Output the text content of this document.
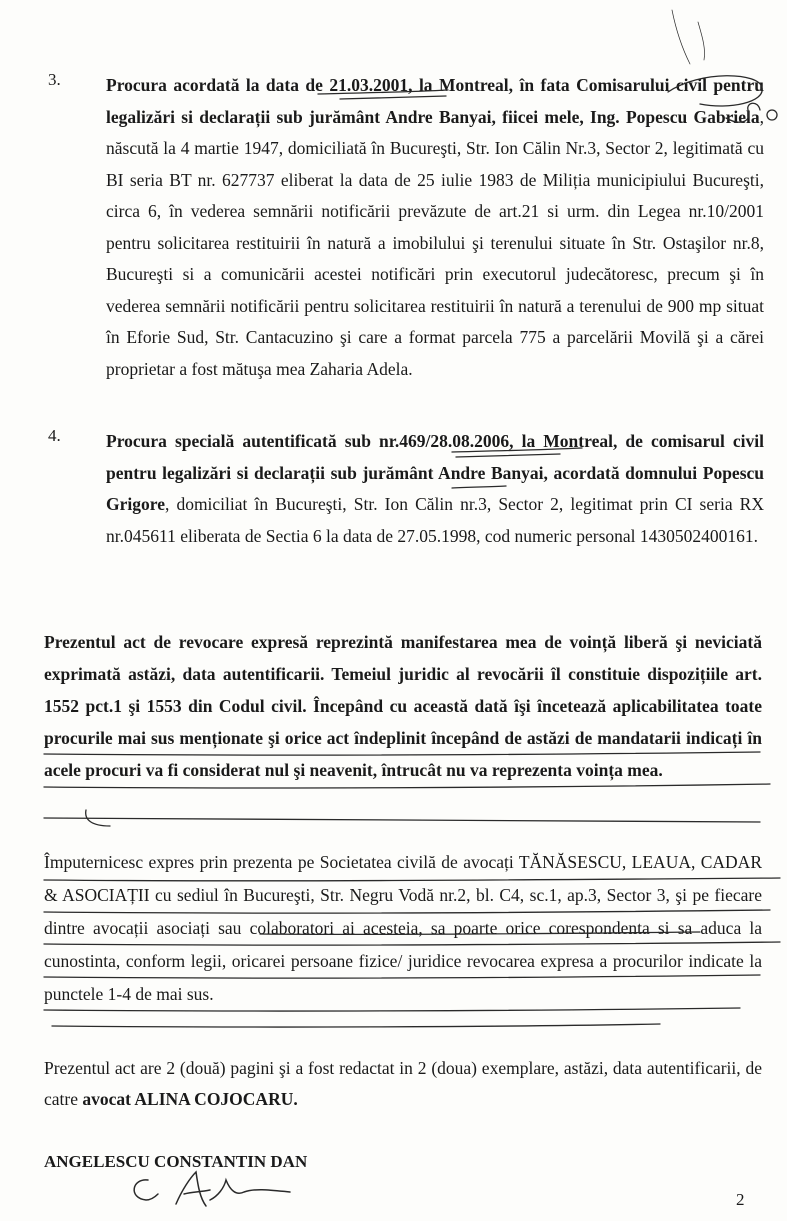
3.	Procura acordată la data de 21.03.2001, la Montreal, în fata Comisarului civil pentru legalizări si declarații sub jurământ Andre Banyai, fiicei mele, Ing. Popescu Gabriela, născută la 4 martie 1947, domiciliată în Bucureşti, Str. Ion Călin Nr.3, Sector 2, legitimată cu BI seria BT nr. 627737 eliberat la data de 25 iulie 1983 de Miliția municipiului Bucureşti, circa 6, în vederea semnării notificării prevăzute de art.21 si urm. din Legea nr.10/2001 pentru solicitarea restituirii în natură a imobilului şi terenului situate în Str. Ostaşilor nr.8, Bucureşti si a comunicării acestei notificări prin executorul judecătoresc, precum şi în vederea semnării notificării pentru solicitarea restituirii în natură a terenului de 900 mp situat în Eforie Sud, Str. Cantacuzino şi care a format parcela 775 a parcelării Movilă şi a cărei proprietar a fost mătuşa mea Zaharia Adela.
4.	Procura specială autentificată sub nr.469/28.08.2006, la Montreal, de comisarul civil pentru legalizări si declarații sub jurământ Andre Banyai, acordată domnului Popescu Grigore, domiciliat în Bucureşti, Str. Ion Călin nr.3, Sector 2, legitimat prin CI seria RX nr.045611 eliberata de Sectia 6 la data de 27.05.1998, cod numeric personal 1430502400161.
Prezentul act de revocare expresă reprezintă manifestarea mea de voință liberă şi neviciată exprimată astăzi, data autentificarii. Temeiul juridic al revocării îl constituie dispozițiile art. 1552 pct.1 şi 1553 din Codul civil. Începând cu această dată îşi încetează aplicabilitatea toate procurile mai sus menționate şi orice act îndeplinit începând de astăzi de mandatarii indicați în acele procuri va fi considerat nul şi neavenit, întrucât nu va reprezenta voința mea.
Împuternicesc expres prin prezenta pe Societatea civilă de avocați TĂNĂSESCU, LEAUA, CADAR & ASOCIAȚII cu sediul în Bucureşti, Str. Negru Vodă nr.2, bl. C4, sc.1, ap.3, Sector 3, şi pe fiecare dintre avocații asociați sau colaboratori ai acesteia, sa poarte orice corespondenta si sa aduca la cunostinta, conform legii, oricarei persoane fizice/ juridice revocarea expresa a procurilor indicate la punctele 1-4 de mai sus.
Prezentul act are 2 (două) pagini şi a fost redactat in 2 (doua) exemplare, astăzi, data autentificarii, de catre avocat ALINA COJOCARU.
ANGELESCU CONSTANTIN DAN
2
